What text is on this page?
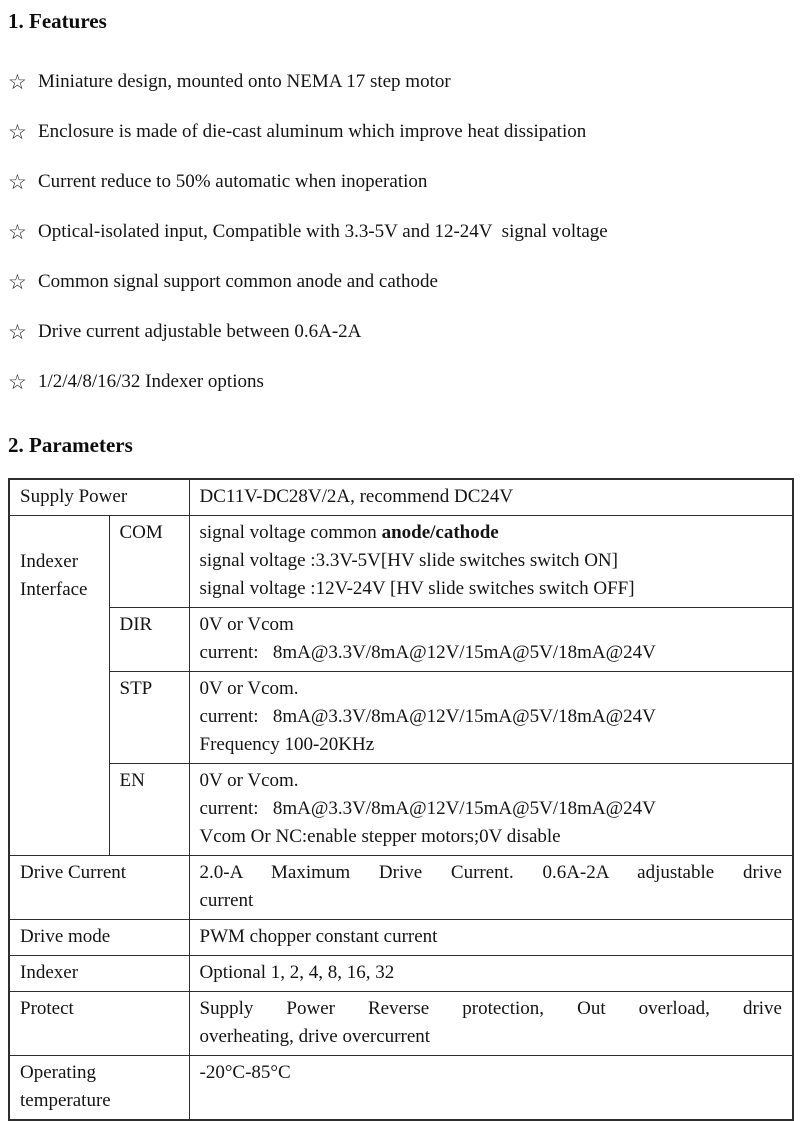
1. Features
☆ Miniature design, mounted onto NEMA 17 step motor
☆ Enclosure is made of die-cast aluminum which improve heat dissipation
☆ Current reduce to 50% automatic when inoperation
☆ Optical-isolated input, Compatible with 3.3-5V and 12-24V  signal voltage
☆ Common signal support common anode and cathode
☆ Drive current adjustable between 0.6A-2A
☆ 1/2/4/8/16/32 Indexer options
2. Parameters
Supply Power		DC11V-DC28V/2A, recommend DC24V
Indexer Interface	COM	signal voltage common anode/cathode
signal voltage :3.3V-5V[HV slide switches switch ON]
signal voltage :12V-24V [HV slide switches switch OFF]

	DIR	0V or Vcom
current:   8mA@3.3V/8mA@12V/15mA@5V/18mA@24V

	STP	0V or Vcom.
current:   8mA@3.3V/8mA@12V/15mA@5V/18mA@24V
Frequency 100-20KHz

	EN	0V or Vcom.
current:   8mA@3.3V/8mA@12V/15mA@5V/18mA@24V
Vcom Or NC:enable stepper motors;0V disable

Drive Current		2.0-A Maximum Drive Current. 0.6A-2A adjustable drive
current

Drive mode		PWM chopper constant current
Indexer		Optional 1, 2, 4, 8, 16, 32
Protect		Supply Power Reverse protection, Out overload, drive
overheating, drive overcurrent

Operating temperature		-20°C-85°C
